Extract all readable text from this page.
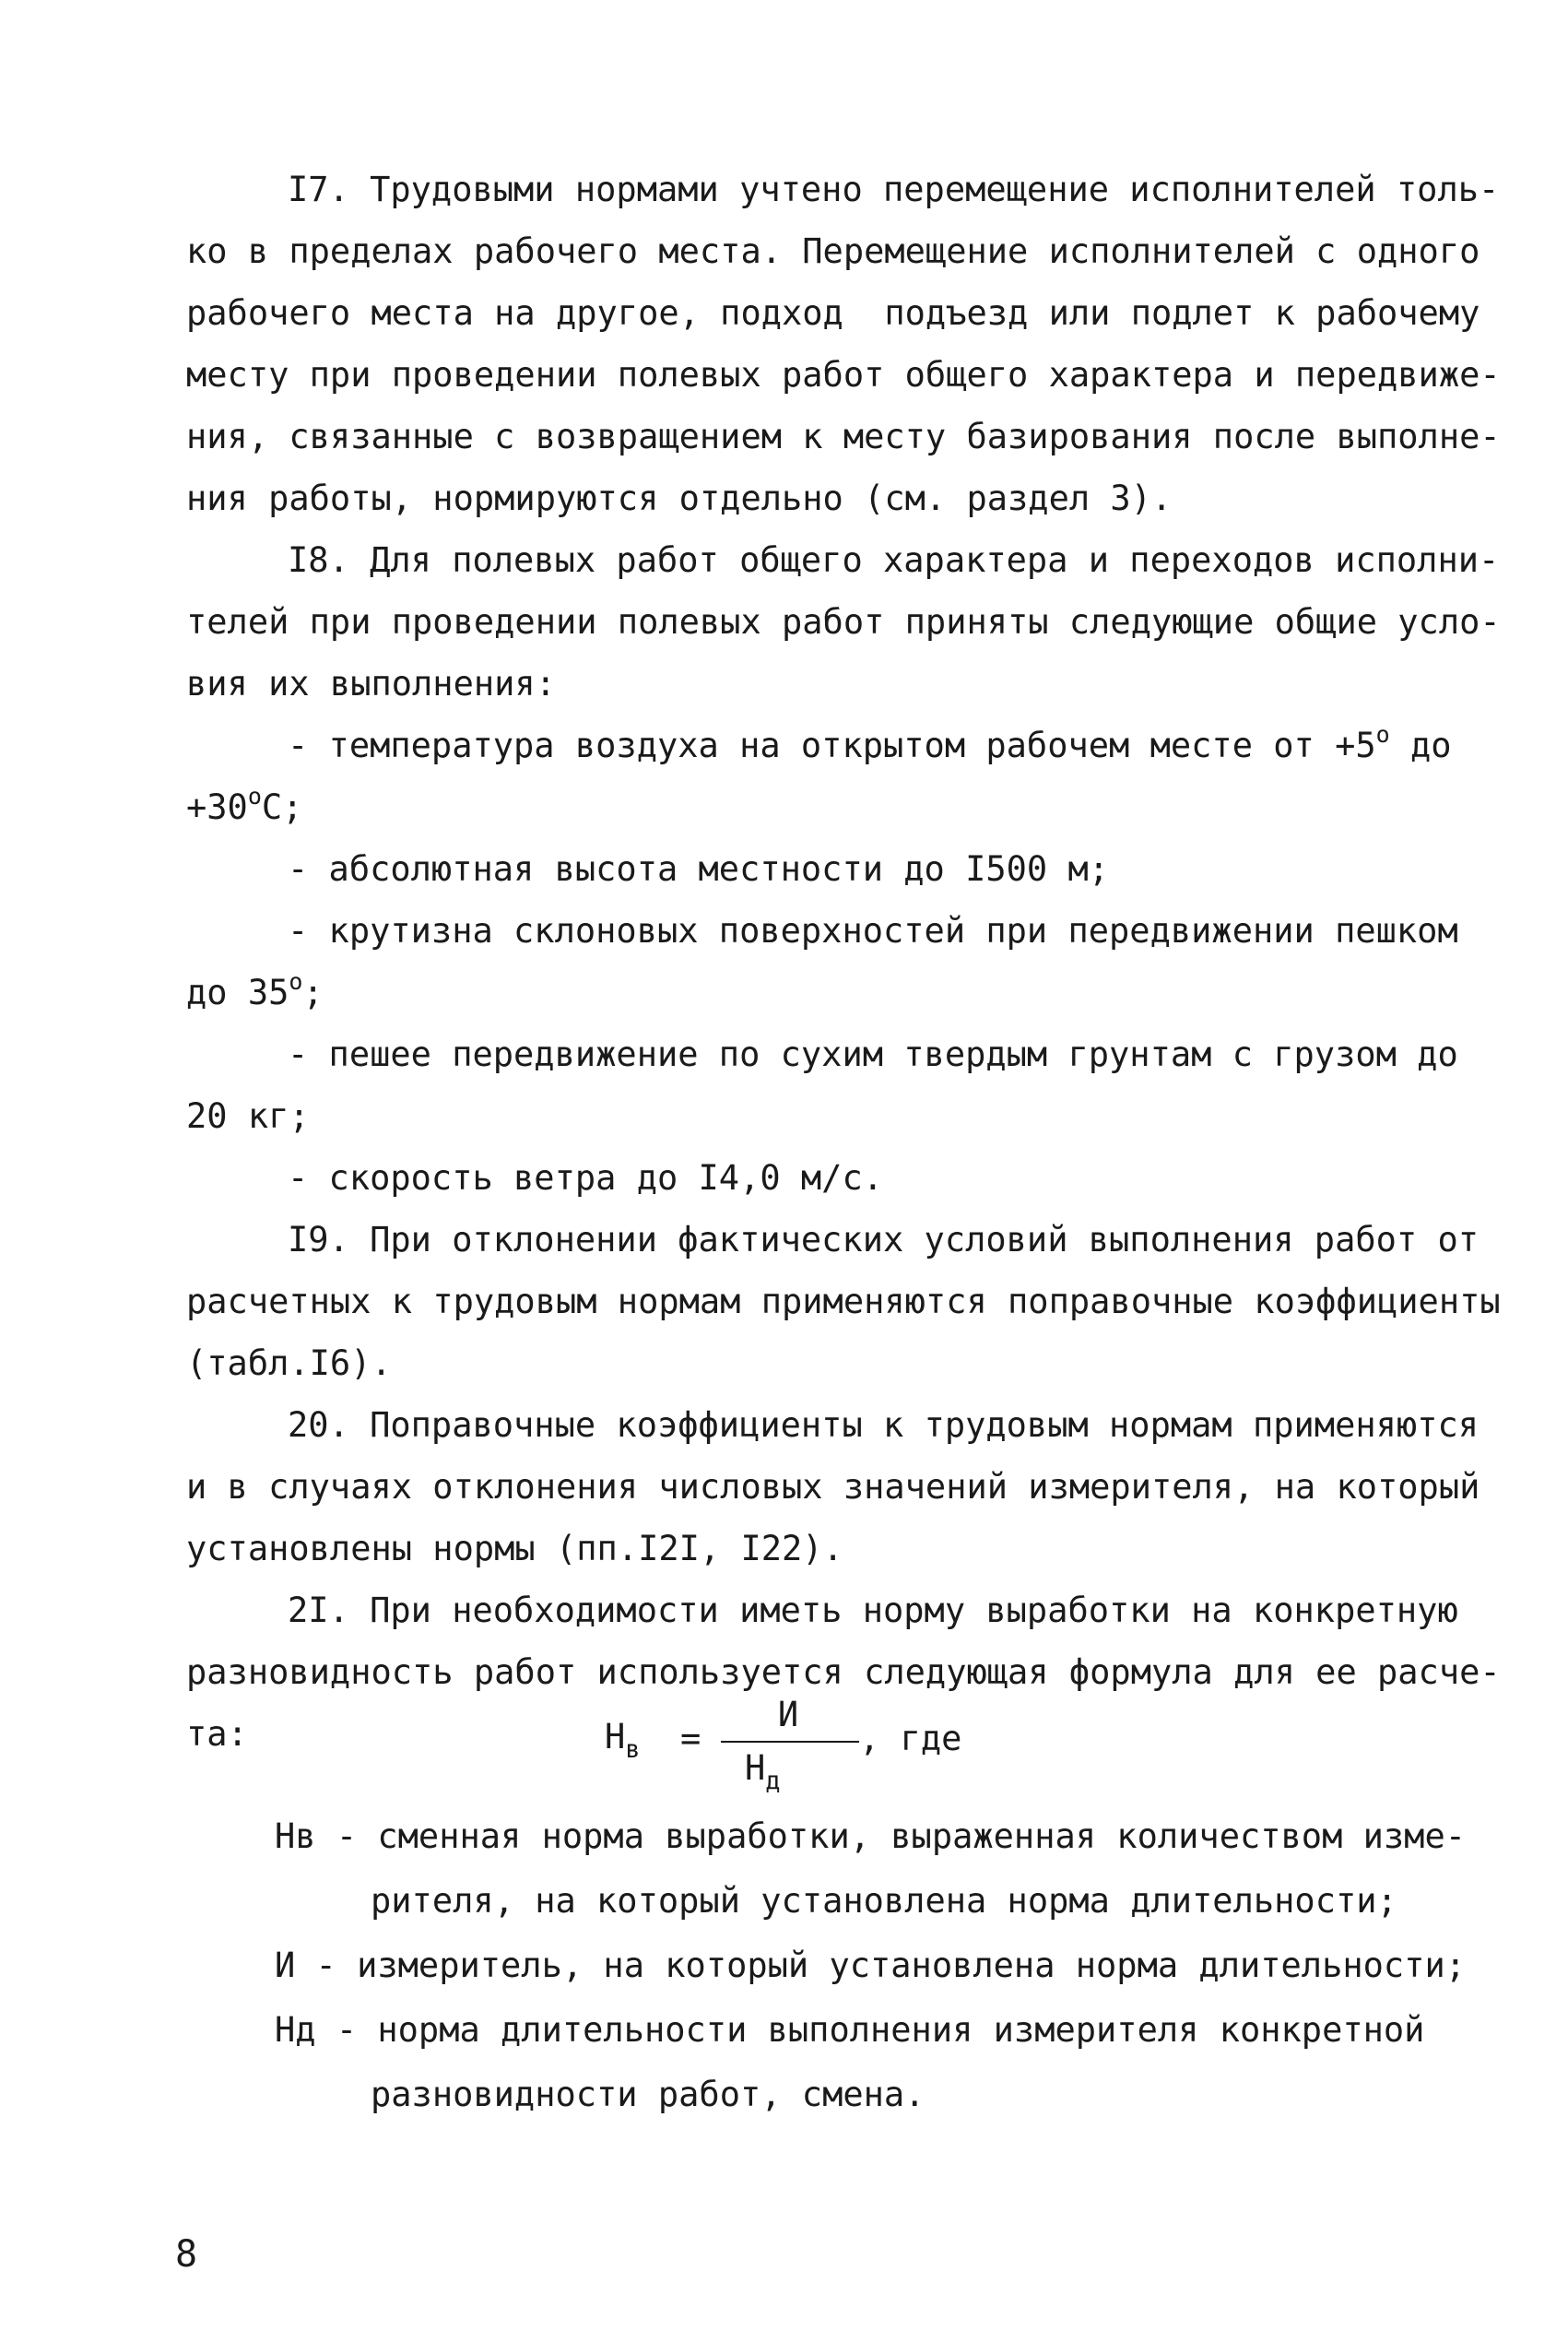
I7. Трудовыми нормами учтено перемещение исполнителей толь-
ко в пределах рабочего места. Перемещение исполнителей с одного
рабочего места на другое, подход  подъезд или подлет к рабочему
месту при проведении полевых работ общего характера и передвиже-
ния, связанные с возвращением к месту базирования после выполне-
ния работы, нормируются отдельно (см. раздел 3).
I8. Для полевых работ общего характера и переходов исполни-
телей при проведении полевых работ приняты следующие общие усло-
вия их выполнения:
- температура воздуха на открытом рабочем месте от $+5^о$ до
$+30^оС$;
- абсолютная высота местности до I500 м;
- крутизна склоновых поверхностей при передвижении пешком
до $35^о$;
- пешее передвижение по сухим твердым грунтам с грузом до
20 кг;
- скорость ветра до I4,0 м/с.
I9. При отклонении фактических условий выполнения работ от
расчетных к трудовым нормам применяются поправочные коэффициенты
(табл.I6).
20. Поправочные коэффициенты к трудовым нормам применяются
и в случаях отклонения числовых значений измерителя, на который
установлены нормы (пп.I2I, I22).
2I. При необходимости иметь норму выработки на конкретную
разновидность работ используется следующая формула для ее расче-
та:	$Н_в$ =
И
$Н_д$
, где
Нв - сменная норма выработки, выраженная количеством изме-
рителя, на который установлена норма длительности;
И - измеритель, на который установлена норма длительности;
Нд - норма длительности выполнения измерителя конкретной
разновидности работ, смена.
8
